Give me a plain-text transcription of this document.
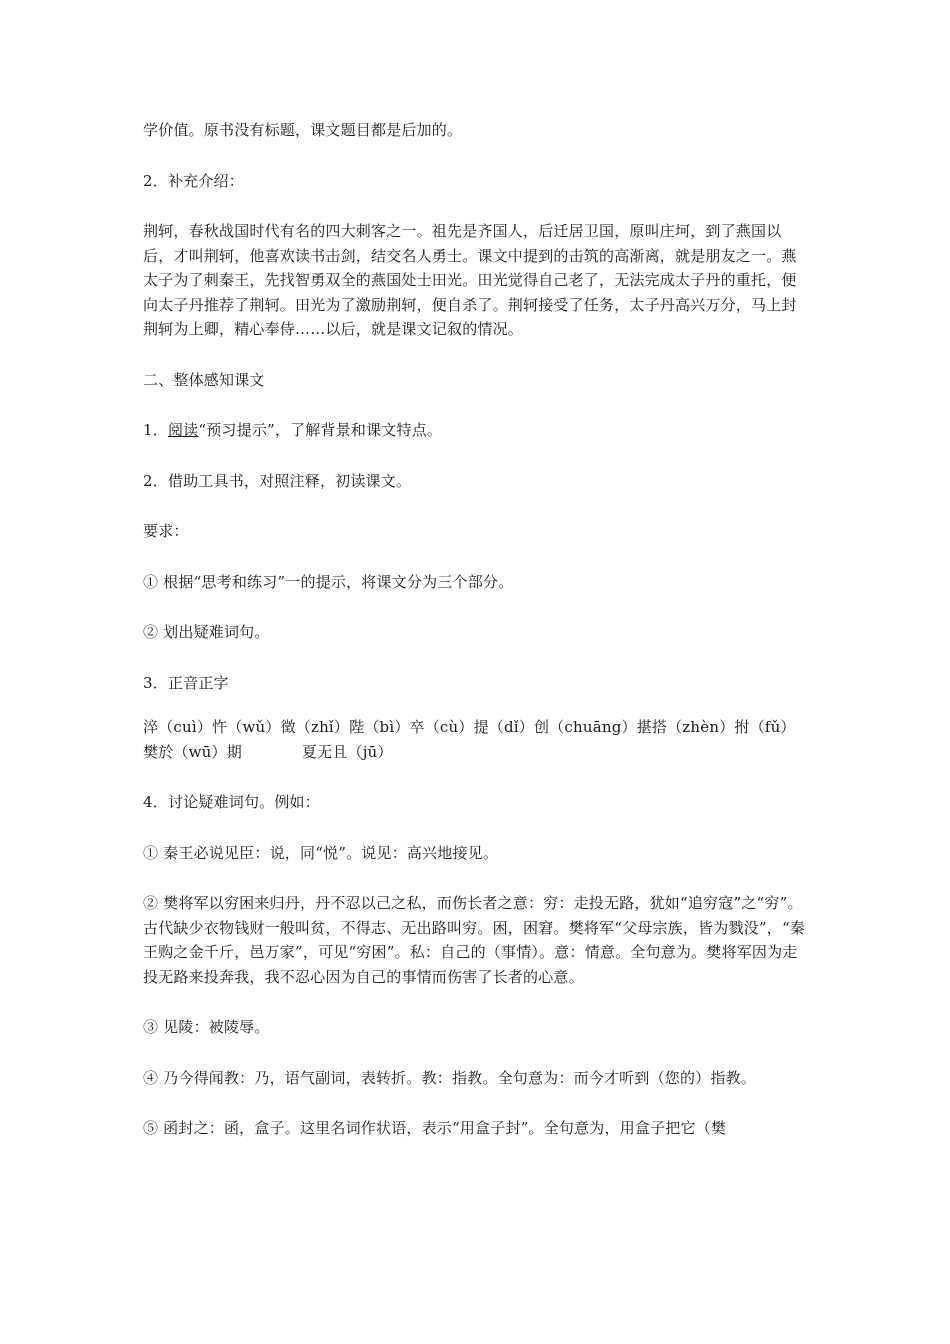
学价值。原书没有标题，课文题目都是后加的。

2．补充介绍：

荆轲，春秋战国时代有名的四大刺客之一。祖先是齐国人，后迁居卫国，原叫庄坷，到了燕国以后，才叫荆轲，他喜欢读书击剑，结交名人勇士。课文中提到的击筑的高渐离，就是朋友之一。燕太子为了刺秦王，先找智勇双全的燕国处士田光。田光觉得自己老了，无法完成太子丹的重托，便向太子丹推荐了荆轲。田光为了激励荆轲，便自杀了。荆轲接受了任务，太子丹高兴万分，马上封荆轲为上卿，精心奉侍……以后，就是课文记叙的情况。

二、整体感知课文

1．阅读“预习提示”，了解背景和课文特点。

2．借助工具书，对照注释，初读课文。

要求：

① 根据“思考和练习”一的提示，将课文分为三个部分。

② 划出疑难词句。

3．正音正字

淬（cuì）忤（wǔ）徵（zhǐ）陛（bì）卒（cù）提（dǐ）创（chuāng）揕搭（zhèn）拊（fǔ）樊於（wū）期	夏无且（jū）

4．讨论疑难词句。例如：

① 秦王必说见臣：说，同“悦”。说见：高兴地接见。

② 樊将军以穷困来归丹，丹不忍以己之私，而伤长者之意：穷：走投无路，犹如“追穷寇”之“穷”。古代缺少衣物钱财一般叫贫，不得志、无出路叫穷。困，困窘。樊将军“父母宗族，皆为戮没”，“秦王购之金千斤，邑万家”，可见“穷困”。私：自己的（事情）。意：情意。全句意为。樊将军因为走投无路来投奔我，我不忍心因为自己的事情而伤害了长者的心意。

③ 见陵：被陵辱。

④ 乃今得闻教：乃，语气副词，表转折。教：指教。全句意为：而今才听到（您的）指教。

⑤ 函封之：函，盒子。这里名词作状语，表示“用盒子封”。全句意为，用盒子把它（樊
